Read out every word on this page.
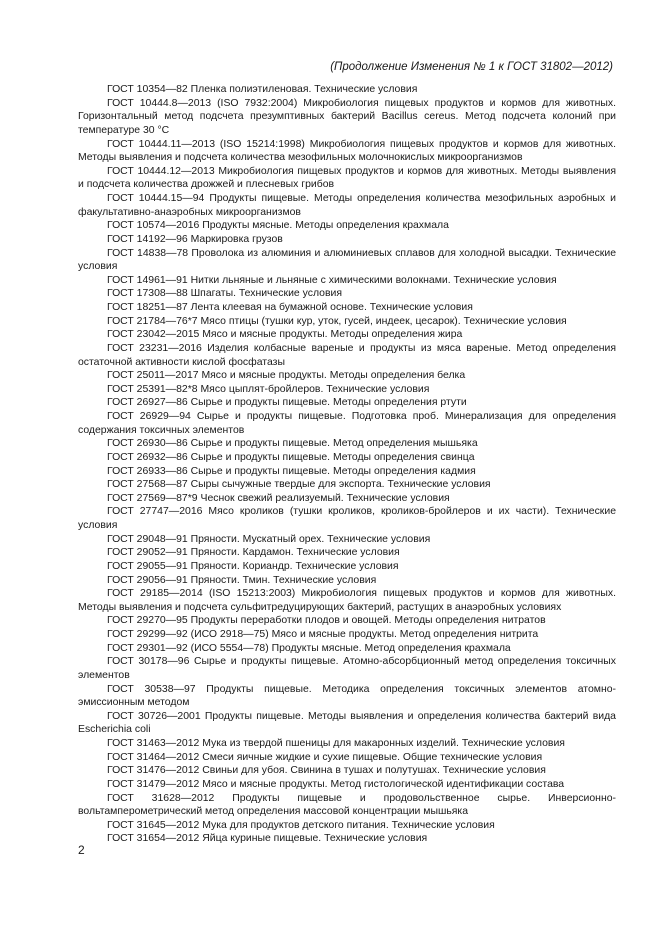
(Продолжение Изменения № 1 к ГОСТ 31802—2012)
ГОСТ 10354—82 Пленка полиэтиленовая. Технические условия
ГОСТ 10444.8—2013 (ISO 7932:2004) Микробиология пищевых продуктов и кормов для животных. Горизонтальный метод подсчета презумптивных бактерий Bacillus cereus. Метод подсчета колоний при температуре 30 °C
ГОСТ 10444.11—2013 (ISO 15214:1998) Микробиология пищевых продуктов и кормов для животных. Методы выявления и подсчета количества мезофильных молочнокислых микроорганизмов
ГОСТ 10444.12—2013 Микробиология пищевых продуктов и кормов для животных. Методы выявления и подсчета количества дрожжей и плесневых грибов
ГОСТ 10444.15—94 Продукты пищевые. Методы определения количества мезофильных аэробных и факультативно-анаэробных микроорганизмов
ГОСТ 10574—2016 Продукты мясные. Методы определения крахмала
ГОСТ 14192—96 Маркировка грузов
ГОСТ 14838—78 Проволока из алюминия и алюминиевых сплавов для холодной высадки. Технические условия
ГОСТ 14961—91 Нитки льняные и льняные с химическими волокнами. Технические условия
ГОСТ 17308—88 Шпагаты. Технические условия
ГОСТ 18251—87 Лента клеевая на бумажной основе. Технические условия
ГОСТ 21784—76*7 Мясо птицы (тушки кур, уток, гусей, индеек, цесарок). Технические условия
ГОСТ 23042—2015 Мясо и мясные продукты. Методы определения жира
ГОСТ 23231—2016 Изделия колбасные вареные и продукты из мяса вареные. Метод определения остаточной активности кислой фосфатазы
ГОСТ 25011—2017 Мясо и мясные продукты. Методы определения белка
ГОСТ 25391—82*8 Мясо цыплят-бройлеров. Технические условия
ГОСТ 26927—86 Сырье и продукты пищевые. Методы определения ртути
ГОСТ 26929—94 Сырье и продукты пищевые. Подготовка проб. Минерализация для определения содержания токсичных элементов
ГОСТ 26930—86 Сырье и продукты пищевые. Метод определения мышьяка
ГОСТ 26932—86 Сырье и продукты пищевые. Методы определения свинца
ГОСТ 26933—86 Сырье и продукты пищевые. Методы определения кадмия
ГОСТ 27568—87 Сыры сычужные твердые для экспорта. Технические условия
ГОСТ 27569—87*9 Чеснок свежий реализуемый. Технические условия
ГОСТ 27747—2016 Мясо кроликов (тушки кроликов, кроликов-бройлеров и их части). Технические условия
ГОСТ 29048—91 Пряности. Мускатный орех. Технические условия
ГОСТ 29052—91 Пряности. Кардамон. Технические условия
ГОСТ 29055—91 Пряности. Кориандр. Технические условия
ГОСТ 29056—91 Пряности. Тмин. Технические условия
ГОСТ 29185—2014 (ISO 15213:2003) Микробиология пищевых продуктов и кормов для животных. Методы выявления и подсчета сульфитредуцирующих бактерий, растущих в анаэробных условиях
ГОСТ 29270—95 Продукты переработки плодов и овощей. Методы определения нитратов
ГОСТ 29299—92 (ИСО 2918—75) Мясо и мясные продукты. Метод определения нитрита
ГОСТ 29301—92 (ИСО 5554—78) Продукты мясные. Метод определения крахмала
ГОСТ 30178—96 Сырье и продукты пищевые. Атомно-абсорбционный метод определения токсичных элементов
ГОСТ 30538—97 Продукты пищевые. Методика определения токсичных элементов атомно-эмиссионным методом
ГОСТ 30726—2001 Продукты пищевые. Методы выявления и определения количества бактерий вида Escherichia coli
ГОСТ 31463—2012 Мука из твердой пшеницы для макаронных изделий. Технические условия
ГОСТ 31464—2012 Смеси яичные жидкие и сухие пищевые. Общие технические условия
ГОСТ 31476—2012 Свиньи для убоя. Свинина в тушах и полутушах. Технические условия
ГОСТ 31479—2012 Мясо и мясные продукты. Метод гистологической идентификации состава
ГОСТ 31628—2012 Продукты пищевые и продовольственное сырье. Инверсионно-вольтамперометрический метод определения массовой концентрации мышьяка
ГОСТ 31645—2012 Мука для продуктов детского питания. Технические условия
ГОСТ 31654—2012 Яйца куриные пищевые. Технические условия
2
